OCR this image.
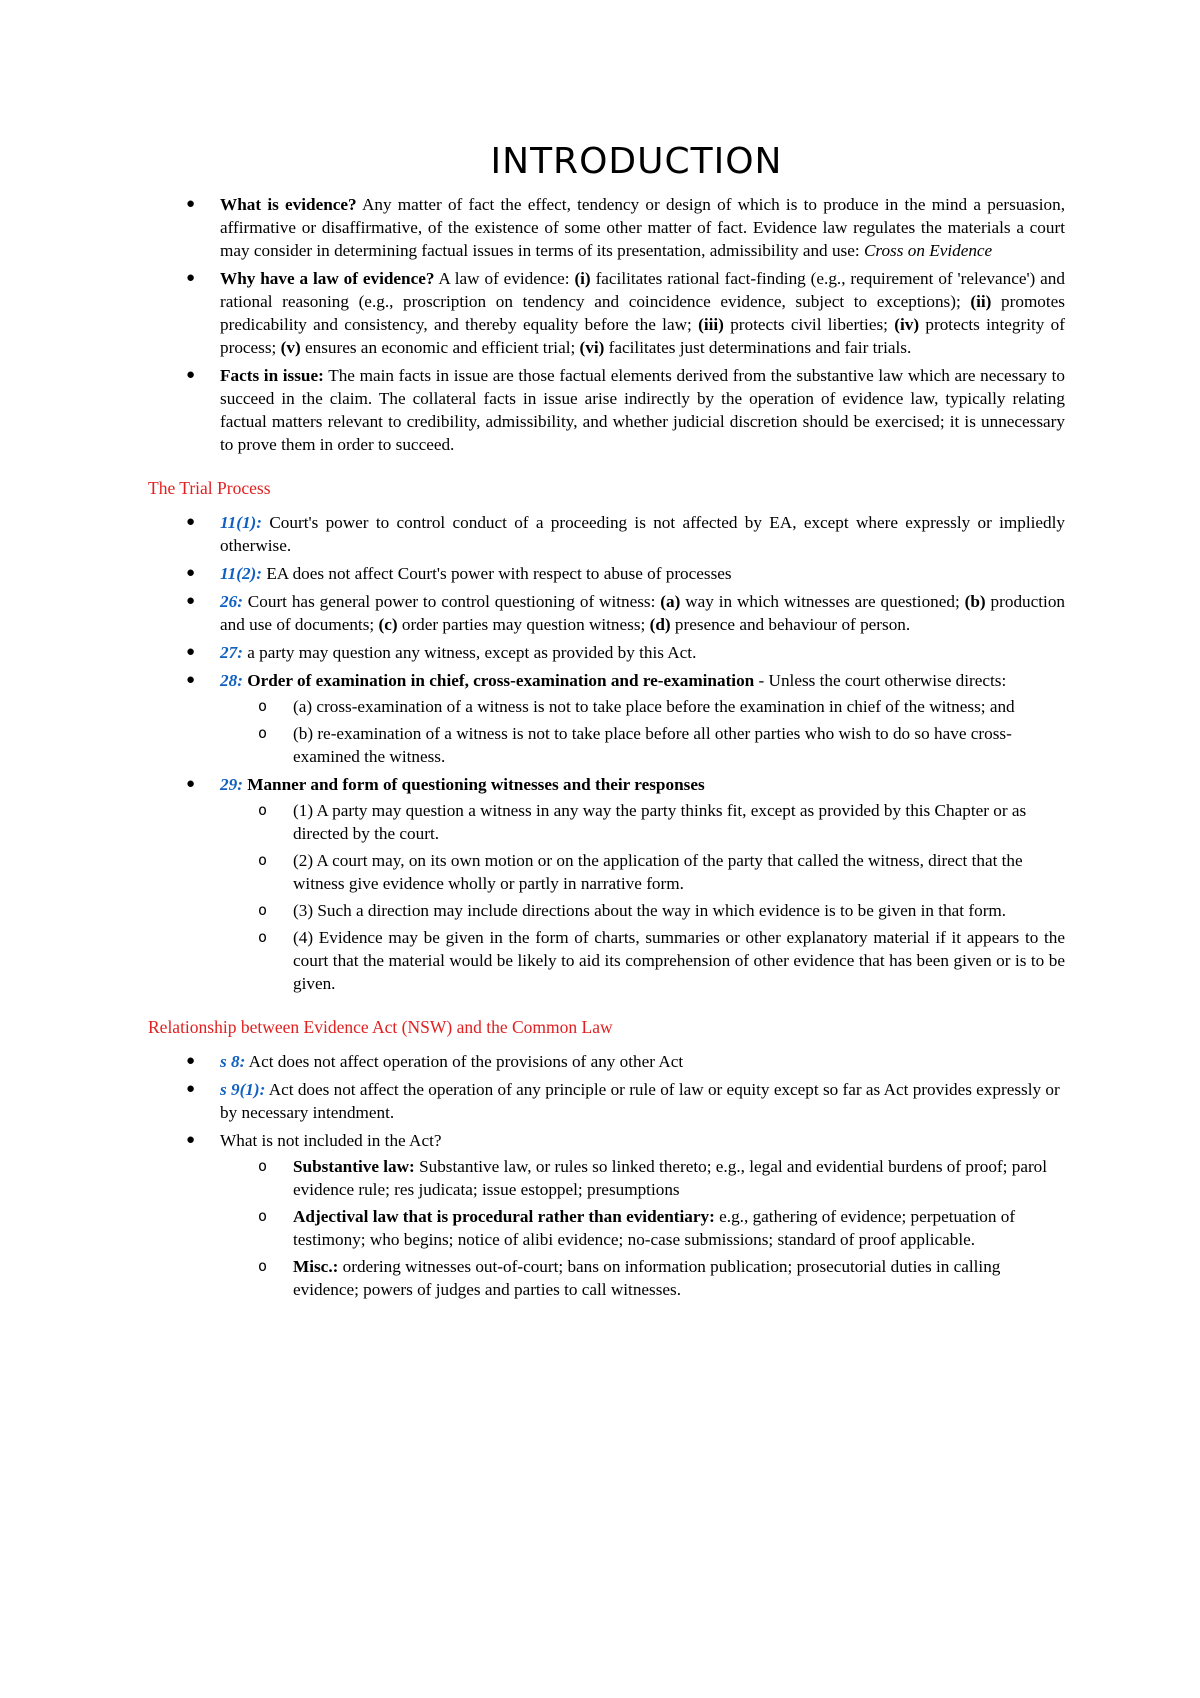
INTRODUCTION
● What is evidence? Any matter of fact the effect, tendency or design of which is to produce in the mind a persuasion, affirmative or disaffirmative, of the existence of some other matter of fact. Evidence law regulates the materials a court may consider in determining factual issues in terms of its presentation, admissibility and use: Cross on Evidence
● Why have a law of evidence? A law of evidence: (i) facilitates rational fact-finding (e.g., requirement of 'relevance') and rational reasoning (e.g., proscription on tendency and coincidence evidence, subject to exceptions); (ii) promotes predicability and consistency, and thereby equality before the law; (iii) protects civil liberties; (iv) protects integrity of process; (v) ensures an economic and efficient trial; (vi) facilitates just determinations and fair trials.
● Facts in issue: The main facts in issue are those factual elements derived from the substantive law which are necessary to succeed in the claim. The collateral facts in issue arise indirectly by the operation of evidence law, typically relating factual matters relevant to credibility, admissibility, and whether judicial discretion should be exercised; it is unnecessary to prove them in order to succeed.
The Trial Process
● 11(1): Court's power to control conduct of a proceeding is not affected by EA, except where expressly or impliedly otherwise.
● 11(2): EA does not affect Court's power with respect to abuse of processes
● 26: Court has general power to control questioning of witness: (a) way in which witnesses are questioned; (b) production and use of documents; (c) order parties may question witness; (d) presence and behaviour of person.
● 27: a party may question any witness, except as provided by this Act.
● 28: Order of examination in chief, cross-examination and re-examination - Unless the court otherwise directs:
o (a) cross-examination of a witness is not to take place before the examination in chief of the witness; and
o (b) re-examination of a witness is not to take place before all other parties who wish to do so have cross-examined the witness.
● 29: Manner and form of questioning witnesses and their responses
o (1) A party may question a witness in any way the party thinks fit, except as provided by this Chapter or as directed by the court.
o (2) A court may, on its own motion or on the application of the party that called the witness, direct that the witness give evidence wholly or partly in narrative form.
o (3) Such a direction may include directions about the way in which evidence is to be given in that form.
o (4) Evidence may be given in the form of charts, summaries or other explanatory material if it appears to the court that the material would be likely to aid its comprehension of other evidence that has been given or is to be given.
Relationship between Evidence Act (NSW) and the Common Law
● s 8: Act does not affect operation of the provisions of any other Act
● s 9(1): Act does not affect the operation of any principle or rule of law or equity except so far as Act provides expressly or by necessary intendment.
● What is not included in the Act?
o Substantive law: Substantive law, or rules so linked thereto; e.g., legal and evidential burdens of proof; parol evidence rule; res judicata; issue estoppel; presumptions
o Adjectival law that is procedural rather than evidentiary: e.g., gathering of evidence; perpetuation of testimony; who begins; notice of alibi evidence; no-case submissions; standard of proof applicable.
o Misc.: ordering witnesses out-of-court; bans on information publication; prosecutorial duties in calling evidence; powers of judges and parties to call witnesses.
